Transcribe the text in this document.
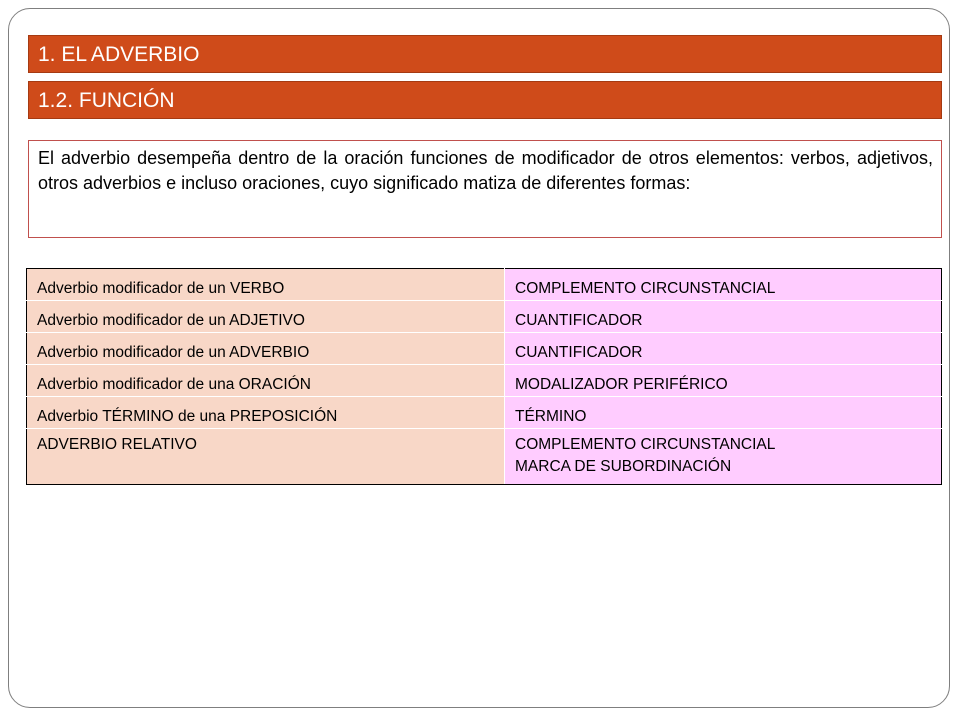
1. EL ADVERBIO
1.2. FUNCIÓN
El adverbio desempeña dentro de la oración funciones de modificador de otros elementos: verbos, adjetivos, otros adverbios e incluso oraciones, cuyo significado matiza de diferentes formas:
Adverbio modificador de un VERBO	COMPLEMENTO CIRCUNSTANCIAL

Adverbio modificador de un ADJETIVO	CUANTIFICADOR

Adverbio modificador de un ADVERBIO	CUANTIFICADOR

Adverbio modificador de una ORACIÓN	MODALIZADOR PERIFÉRICO

Adverbio TÉRMINO de una PREPOSICIÓN	TÉRMINO

ADVERBIO RELATIVO	COMPLEMENTO CIRCUNSTANCIAL
MARCA DE SUBORDINACIÓN
